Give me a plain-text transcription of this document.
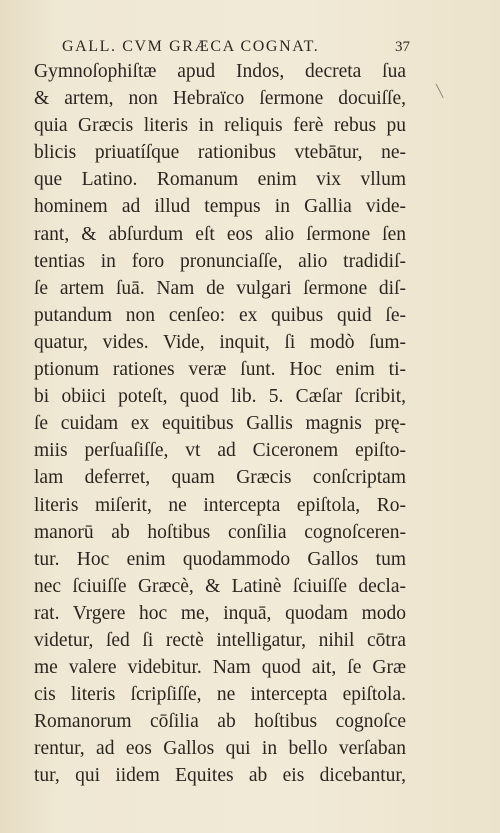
GALL. CVM GRÆCA COGNAT.	37
╲
Gymnoſophiſtæ apud Indos, decreta ſua
& artem, non Hebraïco ſermone docuiſſe,
quia Græcis literis in reliquis ferè rebus pu
blicis priuatíſque rationibus vtebātur, ne-
que Latino. Romanum enim vix vllum
hominem ad illud tempus in Gallia vide-
rant, & abſurdum eſt eos alio ſermone ſen
tentias in foro pronunciaſſe, alio tradidiſ-
ſe artem ſuā. Nam de vulgari ſermone diſ-
putandum non cenſeo: ex quibus quid ſe-
quatur, vides. Vide, inquit, ſi modò ſum-
ptionum rationes veræ ſunt. Hoc enim ti-
bi obiici poteſt, quod lib. 5. Cæſar ſcribit,
ſe cuidam ex equitibus Gallis magnis prę-
miis perſuaſiſſe, vt ad Ciceronem epiſto-
lam deferret, quam Græcis conſcriptam
literis miſerit, ne intercepta epiſtola, Ro-
manorū ab hoſtibus conſilia cognoſceren-
tur. Hoc enim quodammodo Gallos tum
nec ſciuiſſe Græcè, & Latinè ſciuiſſe decla-
rat. Vrgere hoc me, inquā, quodam modo
videtur, ſed ſi rectè intelligatur, nihil cōtra
me valere videbitur. Nam quod ait, ſe Græ
cis literis ſcripſiſſe, ne intercepta epiſtola.
Romanorum cōſilia ab hoſtibus cognoſce
rentur, ad eos Gallos qui in bello verſaban
tur, qui iidem Equites ab eis dicebantur,
